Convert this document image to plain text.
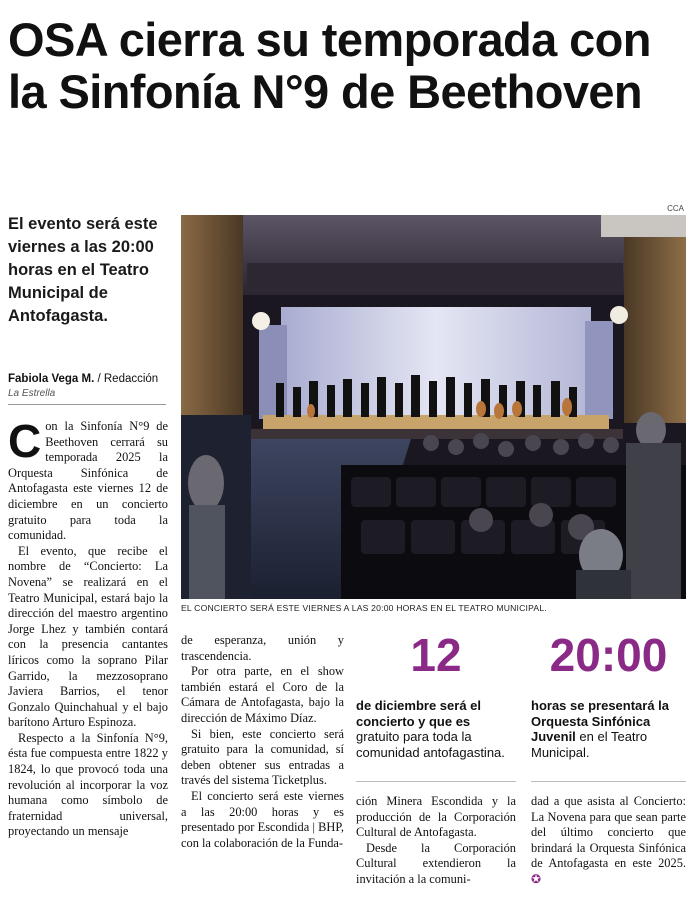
OSA cierra su temporada con la Sinfonía N°9 de Beethoven
El evento será este viernes a las 20:00 horas en el Teatro Municipal de Antofagasta.
Fabiola Vega M. / Redacción
La Estrella

Con la Sinfonía N°9 de Beethoven cerrará su temporada 2025 la Orquesta Sinfónica de Antofagasta este viernes 12 de diciembre en un concierto gratuito para toda la comunidad.

El evento, que recibe el nombre de “Concierto: La Novena” se realizará en el Teatro Municipal, estará bajo la dirección del maestro argentino Jorge Lhez y también contará con la presencia cantantes líricos como la soprano Pilar Garrido, la mezzosoprano Javiera Barrios, el tenor Gonzalo Quinchahual y el bajo barítono Arturo Espinoza.

Respecto a la Sinfonía N°9, ésta fue compuesta entre 1822 y 1824, lo que provocó toda una revolución al incorporar la voz humana como símbolo de fraternidad universal, proyectando un mensaje

CCA
EL CONCIERTO SERÁ ESTE VIERNES A LAS 20:00 HORAS EN EL TEATRO MUNICIPAL.

de esperanza, unión y trascendencia.

Por otra parte, en el show también estará el Coro de la Cámara de Antofagasta, bajo la dirección de Máximo Díaz.

Si bien, este concierto será gratuito para la comunidad, sí deben obtener sus entradas a través del sistema Ticketplus.

El concierto será este viernes a las 20:00 horas y es presentado por Escondida | BHP, con la colaboración de la Funda-

12
de diciembre será el concierto y que es gratuito para toda la comunidad antofagastina.
20:00
horas se presentará la Orquesta Sinfónica Juvenil en el Teatro Municipal.

ción Minera Escondida y la producción de la Corporación Cultural de Antofagasta.

Desde la Corporación Cultural extendieron la invitación a la comuni-

dad a que asista al Concierto: La Novena para que sean parte del último concierto que brindará la Orquesta Sinfónica de Antofagasta en este 2025. ✪
